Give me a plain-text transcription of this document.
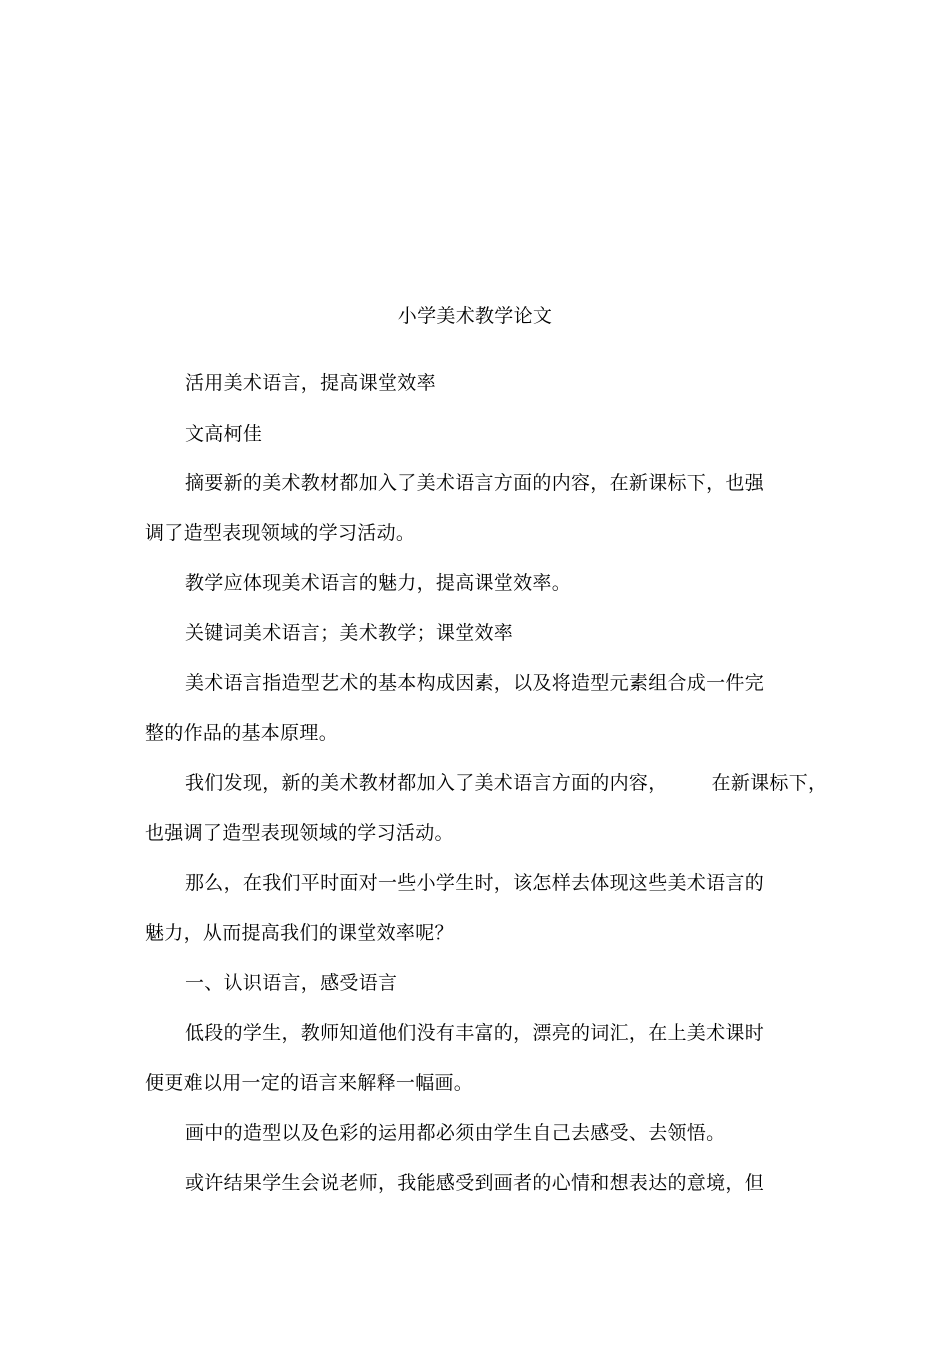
小学美术教学论文
活用美术语言，提高课堂效率
文高柯佳
摘要新的美术教材都加入了美术语言方面的内容，在新课标下，也强
调了造型表现领域的学习活动。
教学应体现美术语言的魅力，提高课堂效率。
关键词美术语言；美术教学；课堂效率
美术语言指造型艺术的基本构成因素，以及将造型元素组合成一件完
整的作品的基本原理。
我们发现，新的美术教材都加入了美术语言方面的内容， 在新课标下，
也强调了造型表现领域的学习活动。
那么，在我们平时面对一些小学生时，该怎样去体现这些美术语言的
魅力，从而提高我们的课堂效率呢？
一、认识语言，感受语言
低段的学生，教师知道他们没有丰富的，漂亮的词汇，在上美术课时
便更难以用一定的语言来解释一幅画。
画中的造型以及色彩的运用都必须由学生自己去感受、去领悟。
或许结果学生会说老师，我能感受到画者的心情和想表达的意境，但
